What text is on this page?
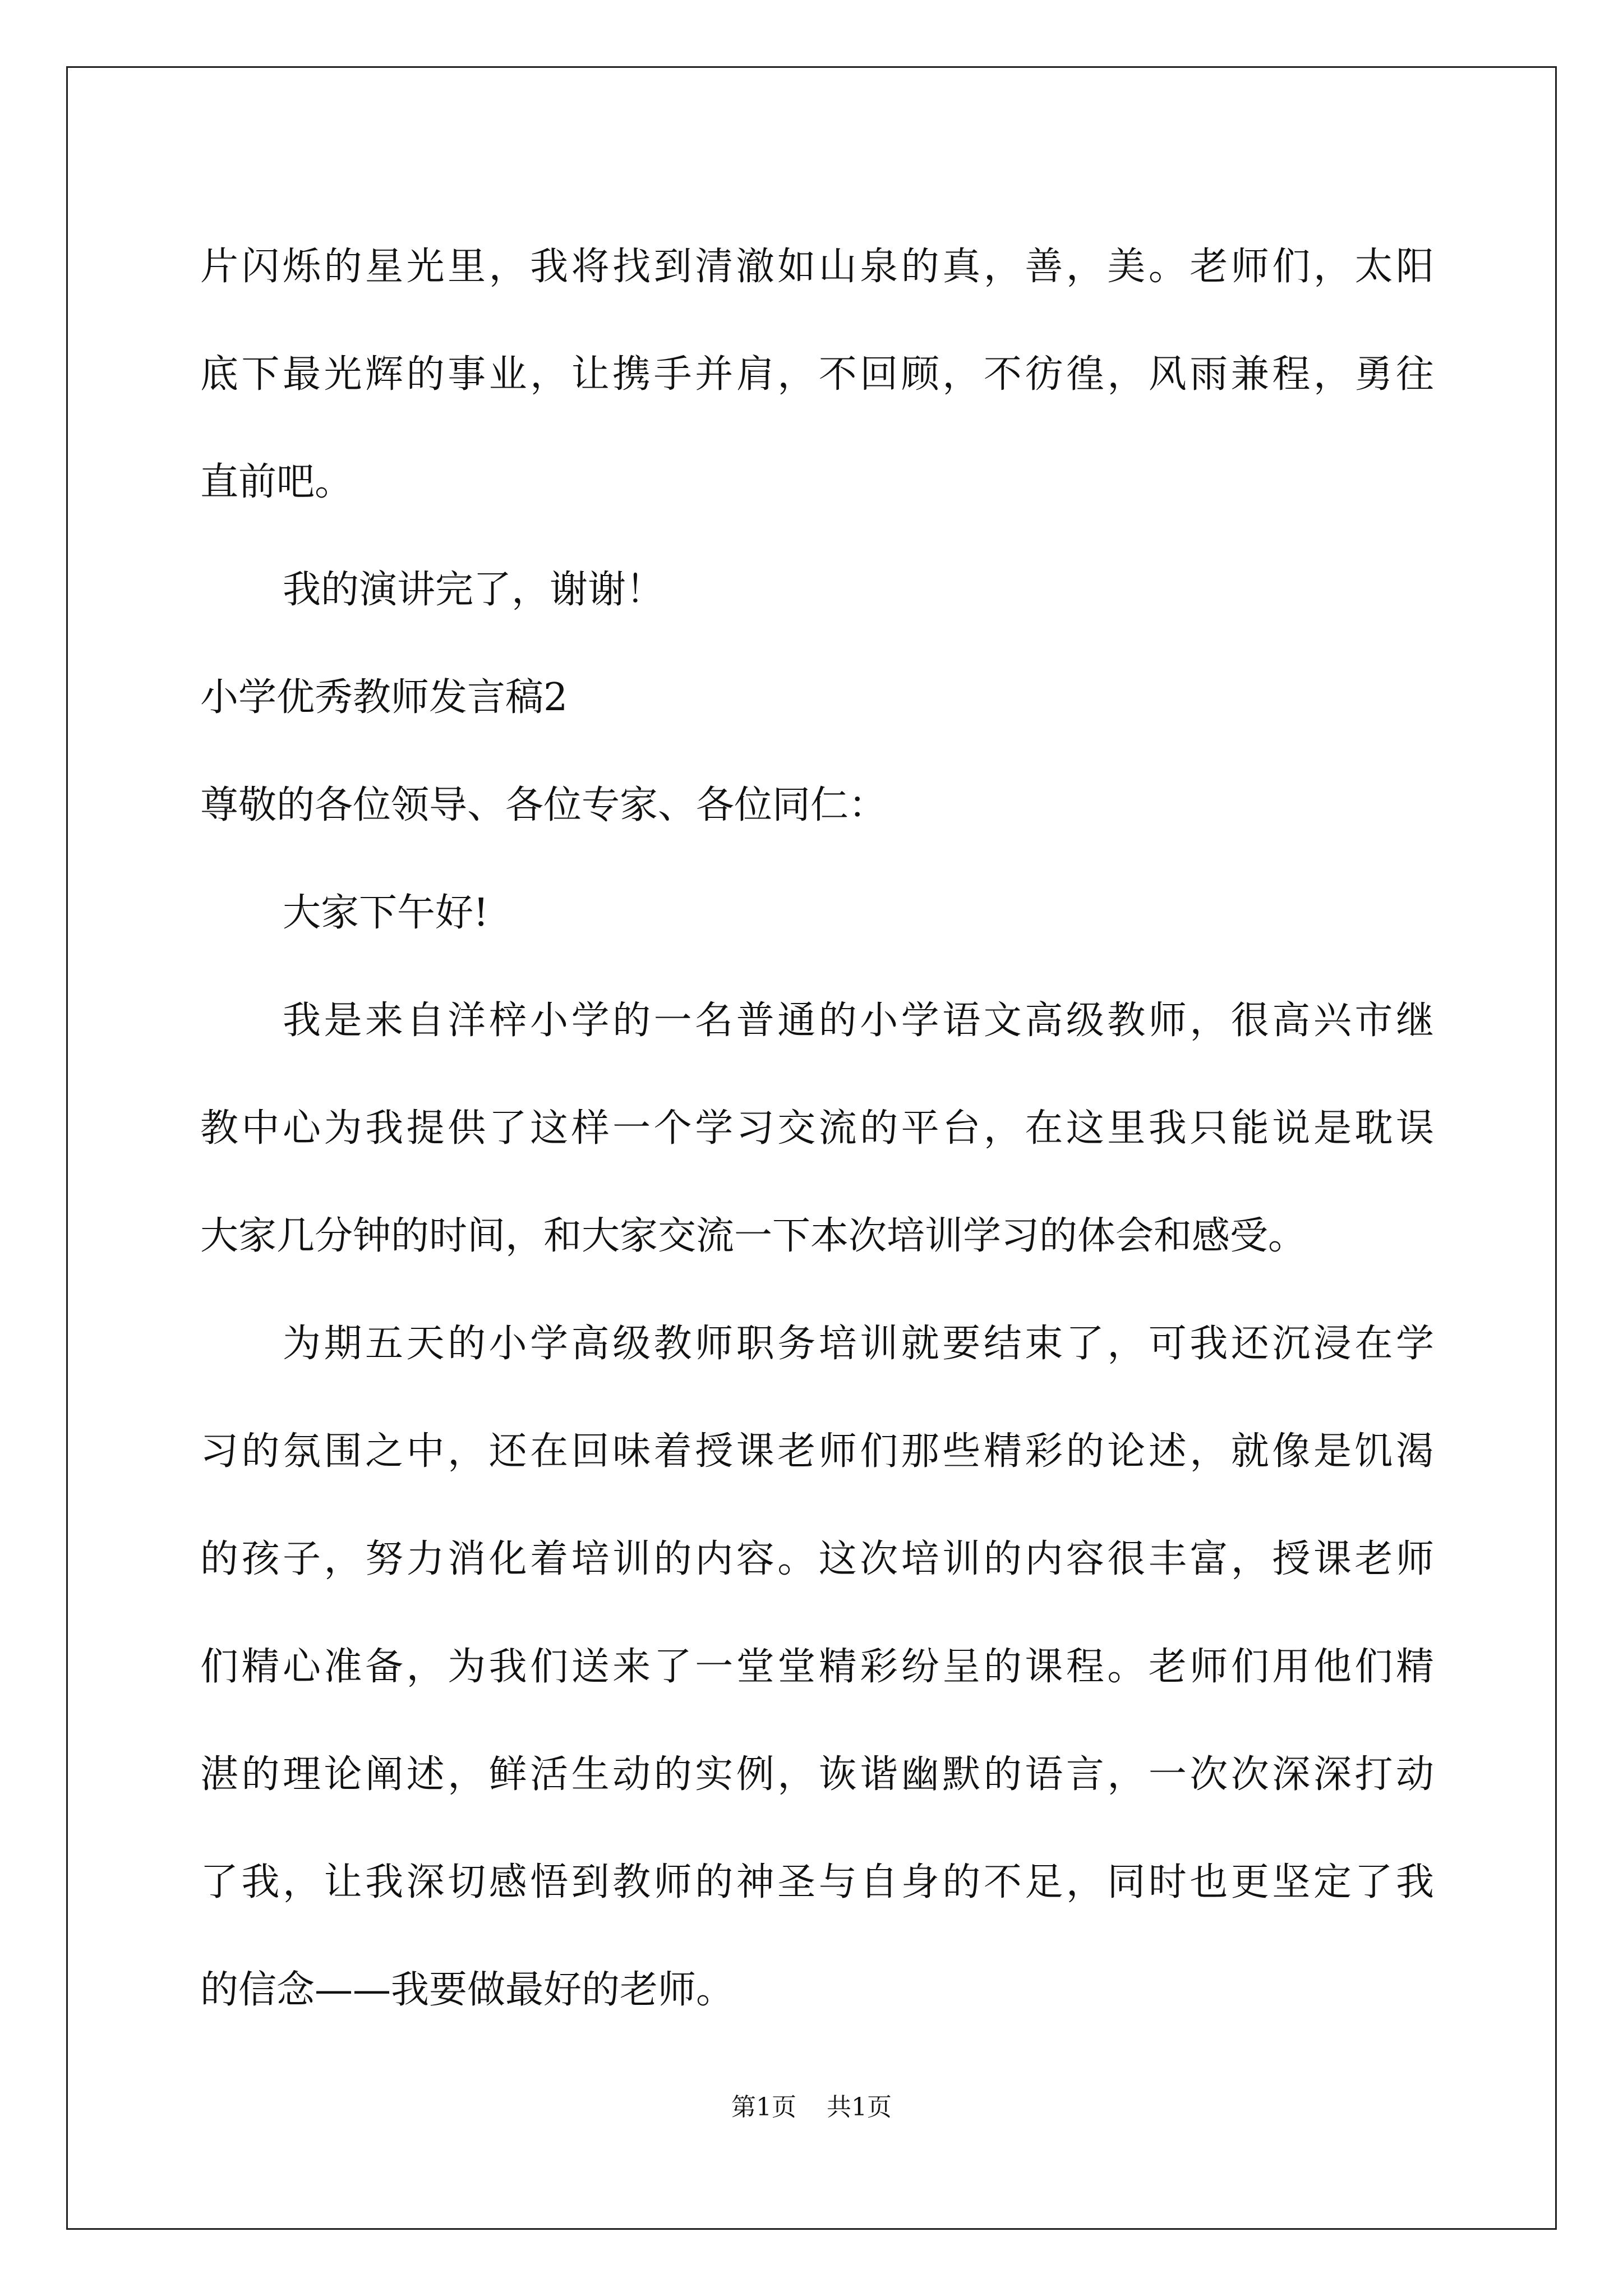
片闪烁的星光里，我将找到清澈如山泉的真，善，美。老师们，太阳
底下最光辉的事业，让携手并肩，不回顾，不彷徨，风雨兼程，勇往
直前吧。
我的演讲完了，谢谢！
小学优秀教师发言稿2
尊敬的各位领导、各位专家、各位同仁：
大家下午好!
我是来自洋梓小学的一名普通的小学语文高级教师，很高兴市继
教中心为我提供了这样一个学习交流的平台，在这里我只能说是耽误
大家几分钟的时间，和大家交流一下本次培训学习的体会和感受。
为期五天的小学高级教师职务培训就要结束了，可我还沉浸在学
习的氛围之中，还在回味着授课老师们那些精彩的论述，就像是饥渴
的孩子，努力消化着培训的内容。这次培训的内容很丰富，授课老师
们精心准备，为我们送来了一堂堂精彩纷呈的课程。老师们用他们精
湛的理论阐述，鲜活生动的实例，诙谐幽默的语言，一次次深深打动
了我，让我深切感悟到教师的神圣与自身的不足，同时也更坚定了我
的信念——我要做最好的老师。
第1页 共1页
